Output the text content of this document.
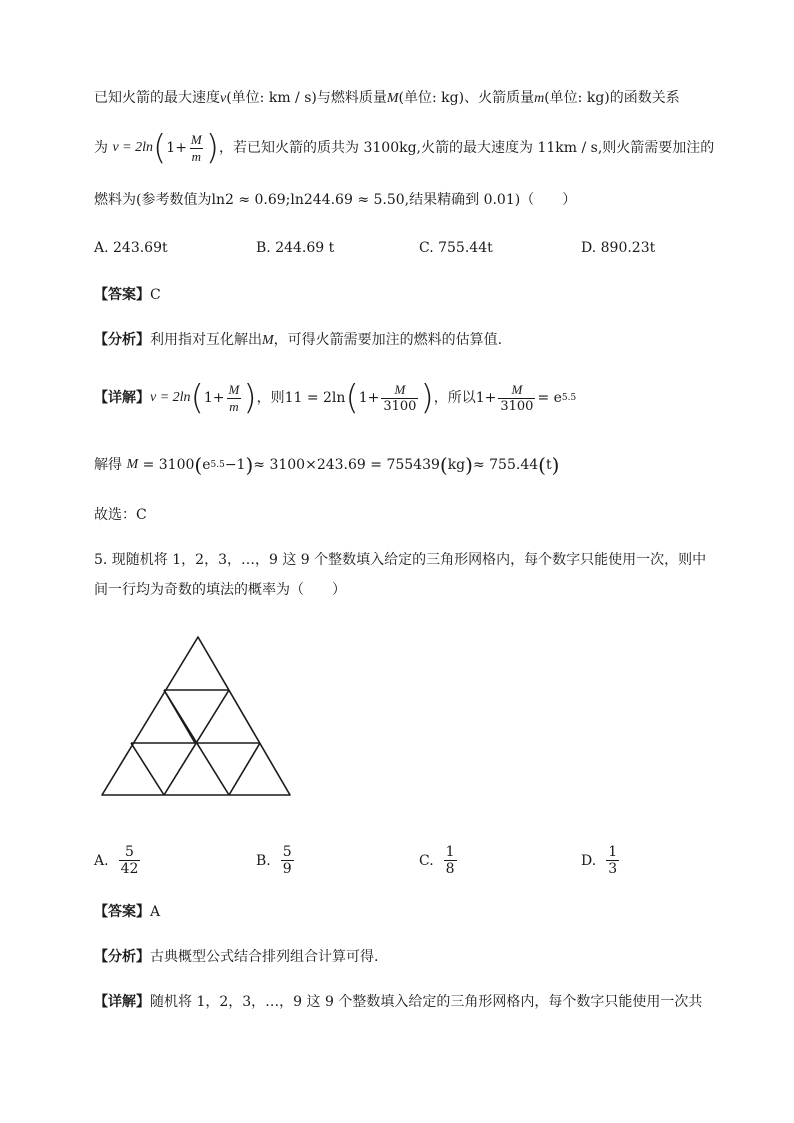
已知火箭的最大速度v(单位: km / s)与燃料质量M(单位: kg)、火箭质量m(单位: kg)的函数关系
为
v = 2ln ( $1+ \frac{M}{m}$ ) ，若已知火箭的质共为 3100kg,火箭的最大速度为 11km / s,则火箭需要加注的
燃料为(参考数值为ln2 ≈ 0.69;ln244.69 ≈ 5.50,结果精确到 0.01)（　　）
A. 243.69t	B. 244.69 t	C. 755.44t	D. 890.23t
【答案】C
【分析】利用指对互化解出M，可得火箭需要加注的燃料的估算值.
【详解】 v = 2ln ( $1+ \frac{M}{m}$ ) ，则11 = 2ln ( $1+ \frac{M}{3100}$ ) ，所以$1+ \frac{M}{3100} = e$ 5.5
解得
M
= 3100 ( e 5.5 −1 ) ≈ 3100×243.69 = 755439 ( kg ) ≈ 755.44 ( t )
故选：C
5. 现随机将 1，2，3，…，9 这 9 个整数填入给定的三角形网格内，每个数字只能使用一次，则中
间一行均为奇数的填法的概率为（　　）
A. $\frac{5}{42}$	B. $\frac{5}{9}$	C. $\frac{1}{8}$	D. $\frac{1}{3}$
【答案】A
【分析】古典概型公式结合排列组合计算可得.
【详解】随机将 1，2，3，…，9 这 9 个整数填入给定的三角形网格内，每个数字只能使用一次共
